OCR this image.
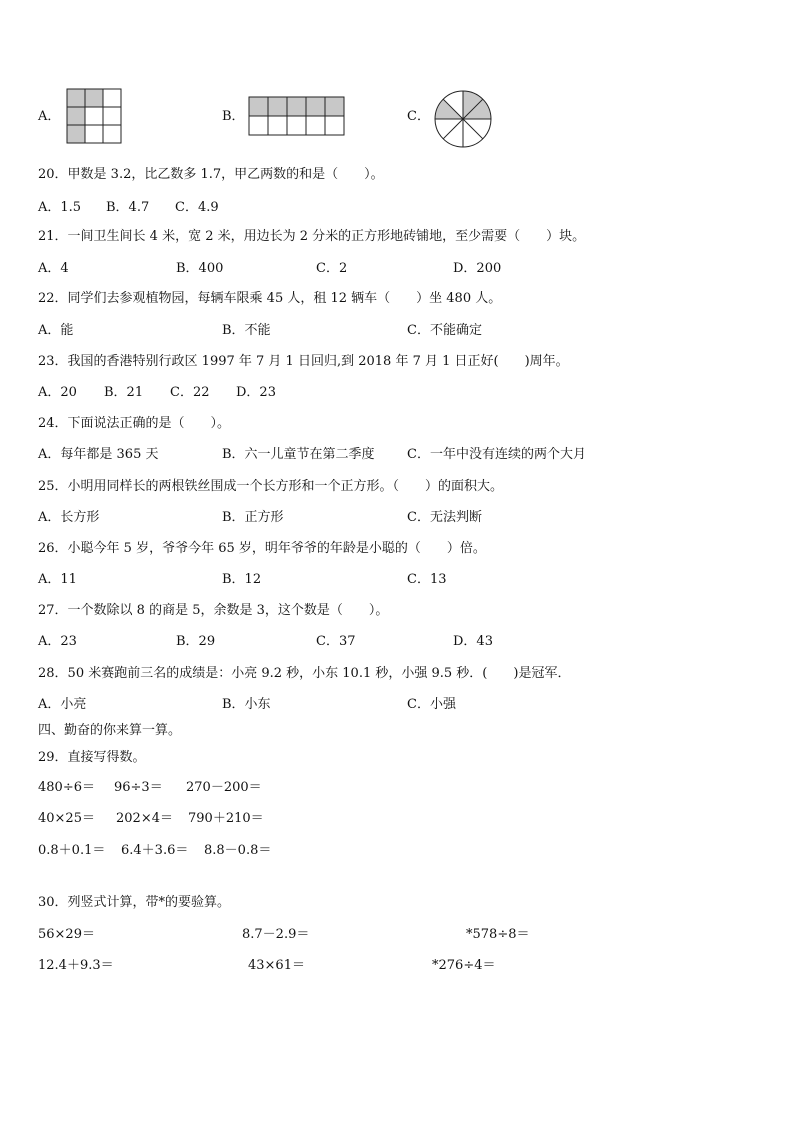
A．	B．	C．
20．甲数是 3.2，比乙数多 1.7，甲乙两数的和是（　　）。
A．1.5 B．4.7 C．4.9
21．一间卫生间长 4 米，宽 2 米，用边长为 2 分米的正方形地砖铺地，至少需要（　　）块。
A．4	B．400	C．2	D．200
22．同学们去参观植物园，每辆车限乘 45 人，租 12 辆车（　　）坐 480 人。
A．能	B．不能	C．不能确定
23．我国的香港特别行政区 1997 年 7 月 1 日回归,到 2018 年 7 月 1 日正好(　　)周年。
A．20 B．21 C．22 D．23
24．下面说法正确的是（　　）。
A．每年都是 365 天	B．六一儿童节在第二季度 C．一年中没有连续的两个大月
25．小明用同样长的两根铁丝围成一个长方形和一个正方形。（　　）的面积大。
A．长方形	B．正方形	C．无法判断
26．小聪今年 5 岁，爷爷今年 65 岁，明年爷爷的年龄是小聪的（　　）倍。
A．11	B．12	C．13
27．一个数除以 8 的商是 5，余数是 3，这个数是（　　）。
A．23	B．29	C．37	D．43
28．50 米赛跑前三名的成绩是：小亮 9.2 秒，小东 10.1 秒，小强 9.5 秒．(　　)是冠军．
A．小亮	B．小东	C．小强
四、勤奋的你来算一算。
29．直接写得数。
480÷6＝ 96÷3＝ 270－200＝
40×25＝ 202×4＝ 790＋210＝
0.8＋0.1＝ 6.4＋3.6＝ 8.8－0.8＝
30．列竖式计算，带*的要验算。
56×29＝	8.7－2.9＝	*578÷8＝
12.4＋9.3＝	43×61＝	*276÷4＝
